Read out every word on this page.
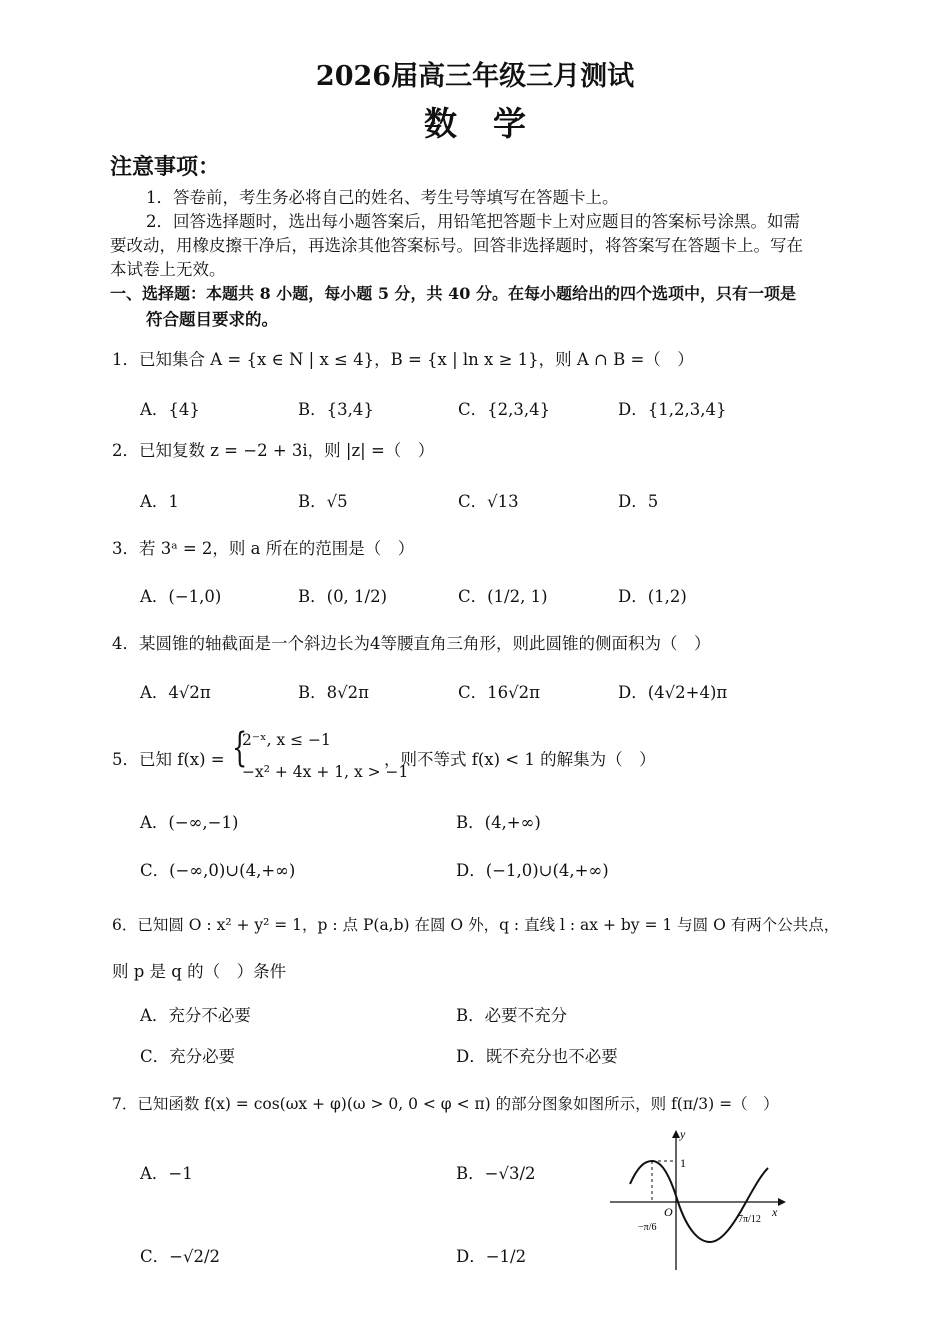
2026届高三年级三月测试
数学
注意事项：
1．答卷前，考生务必将自己的姓名、考生号等填写在答题卡上。
2．回答选择题时，选出每小题答案后，用铅笔把答题卡上对应题目的答案标号涂黑。如需
要改动，用橡皮擦干净后，再选涂其他答案标号。回答非选择题时，将答案写在答题卡上。写在
本试卷上无效。
一、选择题：本题共 8 小题，每小题 5 分，共 40 分。在每小题给出的四个选项中，只有一项是
符合题目要求的。
1．已知集合 A = {x ∈ N | x ≤ 4}，B = {x | ln x ≥ 1}，则 A ∩ B =（　）
A．{4}	B．{3,4}	C．{2,3,4}	D．{1,2,3,4}
2．已知复数 z = −2 + 3i，则 |z| =（　）
A．1	B．√5	C．√13	D．5
3．若 3ᵃ = 2，则 a 所在的范围是（　）
A．(−1,0)	B．(0, 1/2)	C．(1/2, 1)	D．(1,2)
4．某圆锥的轴截面是一个斜边长为4等腰直角三角形，则此圆锥的侧面积为（　）
A．4√2π	B．8√2π	C．16√2π	D．(4√2+4)π
5．已知 f(x) = {
2⁻ˣ, x ≤ −1
−x² + 4x + 1, x > −1
，则不等式 f(x) < 1 的解集为（　）
A．(−∞,−1)	B．(4,+∞)
C．(−∞,0)∪(4,+∞)	D．(−1,0)∪(4,+∞)
6．已知圆 O : x² + y² = 1，p : 点 P(a,b) 在圆 O 外，q : 直线 l : ax + by = 1 与圆 O 有两个公共点，
则 p 是 q 的（　）条件
A．充分不必要	B．必要不充分
C．充分必要	D．既不充分也不必要
7．已知函数 f(x) = cos(ωx + φ)(ω > 0, 0 < φ < π) 的部分图象如图所示，则 f(π/3) =（　）
A．−1	B．−√3/2
C．−√2/2	D．−1/2
y
x
O
1
−π/6
7π/12
